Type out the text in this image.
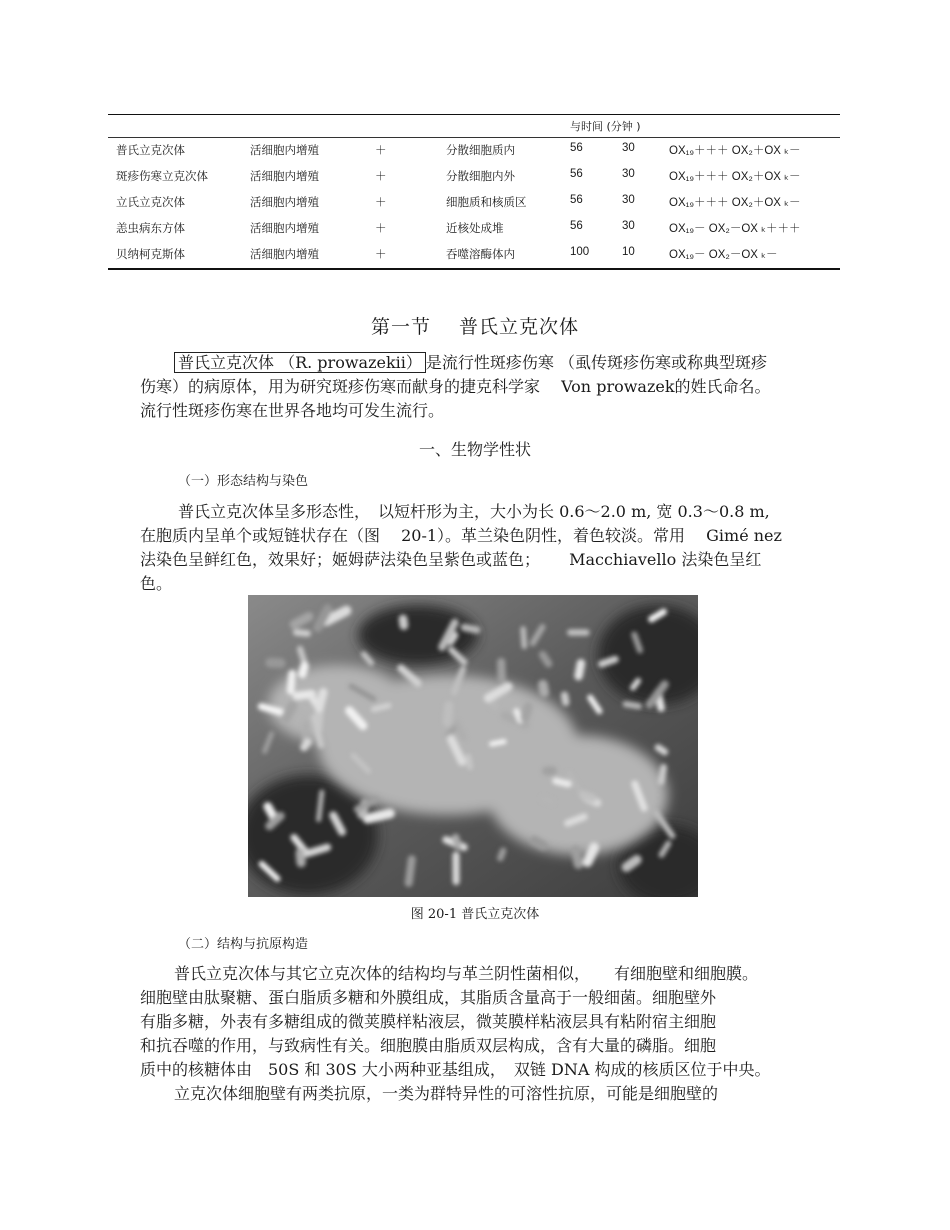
与时间 (分钟 )
普氏立克次体	活细胞内增殖	＋	分散细胞质内	56	30	OX₁₉＋＋＋ OX₂＋OX ₖ－
斑疹伤寒立克次体	活细胞内增殖	＋	分散细胞内外	56	30	OX₁₉＋＋＋ OX₂＋OX ₖ－
立氏立克次体	活细胞内增殖	＋	细胞质和核质区	56	30	OX₁₉＋＋＋ OX₂＋OX ₖ－
恙虫病东方体	活细胞内增殖	＋	近核处成堆	56	30	OX₁₉－ OX₂－OX ₖ＋＋＋
贝纳柯克斯体	活细胞内增殖	＋	吞噬溶酶体内	100	10	OX₁₉－ OX₂－OX ₖ－
第一节 普氏立克次体
普氏立克次体 （R. prowazekii） 是流行性斑疹伤寒 （虱传斑疹伤寒或称典型斑疹
伤寒）的病原体，用为研究斑疹伤寒而献身的捷克科学家　 Von prowazek的姓氏命名。
流行性斑疹伤寒在世界各地均可发生流行。
一、生物学性状
（一）形态结构与染色
普氏立克次体呈多形态性，　以短杆形为主，大小为长 0.6～2.0 m, 宽 0.3～0.8 m,
在胞质内呈单个或短链状存在（图　 20-1）。革兰染色阴性，着色较淡。常用　 Gimé nez
法染色呈鲜红色，效果好；姬姆萨法染色呈紫色或蓝色；　　 Macchiavello 法染色呈红
色。
图 20-1 普氏立克次体
（二）结构与抗原构造
普氏立克次体与其它立克次体的结构均与革兰阴性菌相似，　　有细胞壁和细胞膜。
细胞壁由肽聚糖、蛋白脂质多糖和外膜组成，其脂质含量高于一般细菌。细胞壁外
有脂多糖，外表有多糖组成的微荚膜样粘液层，微荚膜样粘液层具有粘附宿主细胞
和抗吞噬的作用，与致病性有关。细胞膜由脂质双层构成，含有大量的磷脂。细胞
质中的核糖体由　50S 和 30S 大小两种亚基组成，　双链 DNA 构成的核质区位于中央。
立克次体细胞壁有两类抗原，一类为群特异性的可溶性抗原，可能是细胞壁的
